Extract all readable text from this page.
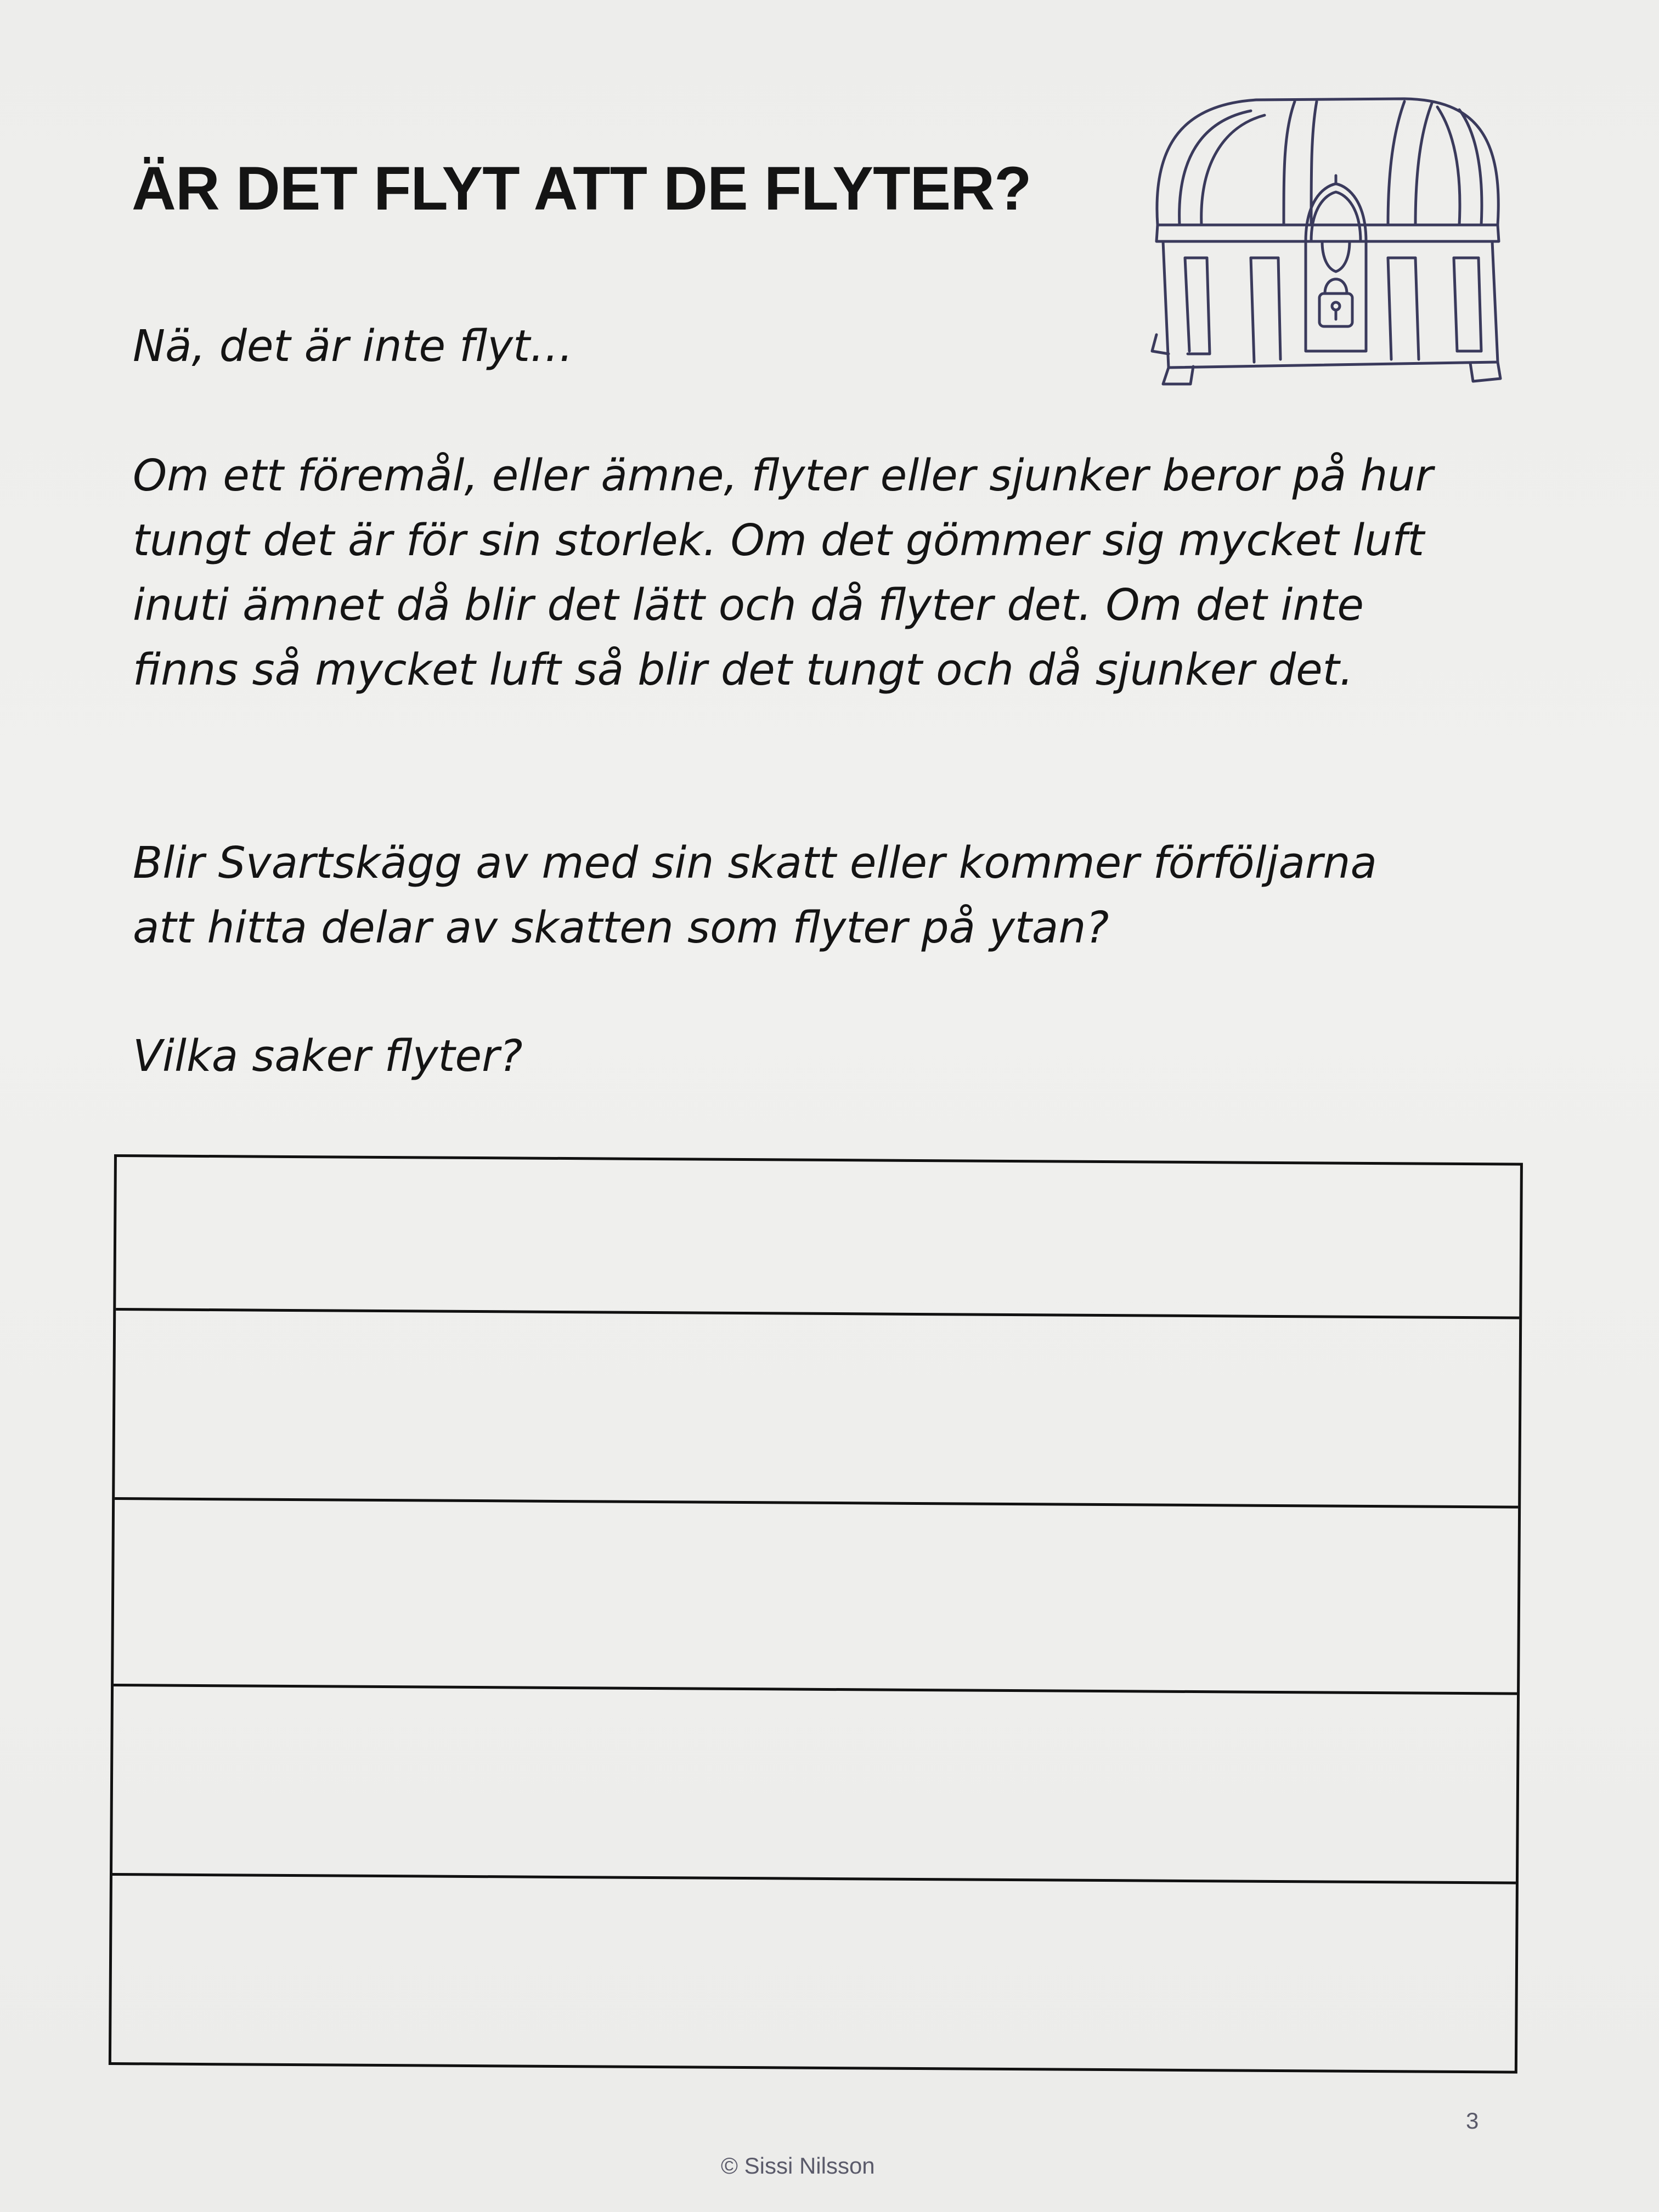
ÄR DET FLYT ATT DE FLYTER?

Nä, det är inte flyt…

Om ett föremål, eller ämne, flyter eller sjunker beror på hur tungt det är för sin storlek. Om det gömmer sig mycket luft inuti ämnet då blir det lätt och då flyter det. Om det inte finns så mycket luft så blir det tungt och då sjunker det.

Blir Svartskägg av med sin skatt eller kommer förföljarna att hitta delar av skatten som flyter på ytan?

Vilka saker flyter?

3
© Sissi Nilsson
